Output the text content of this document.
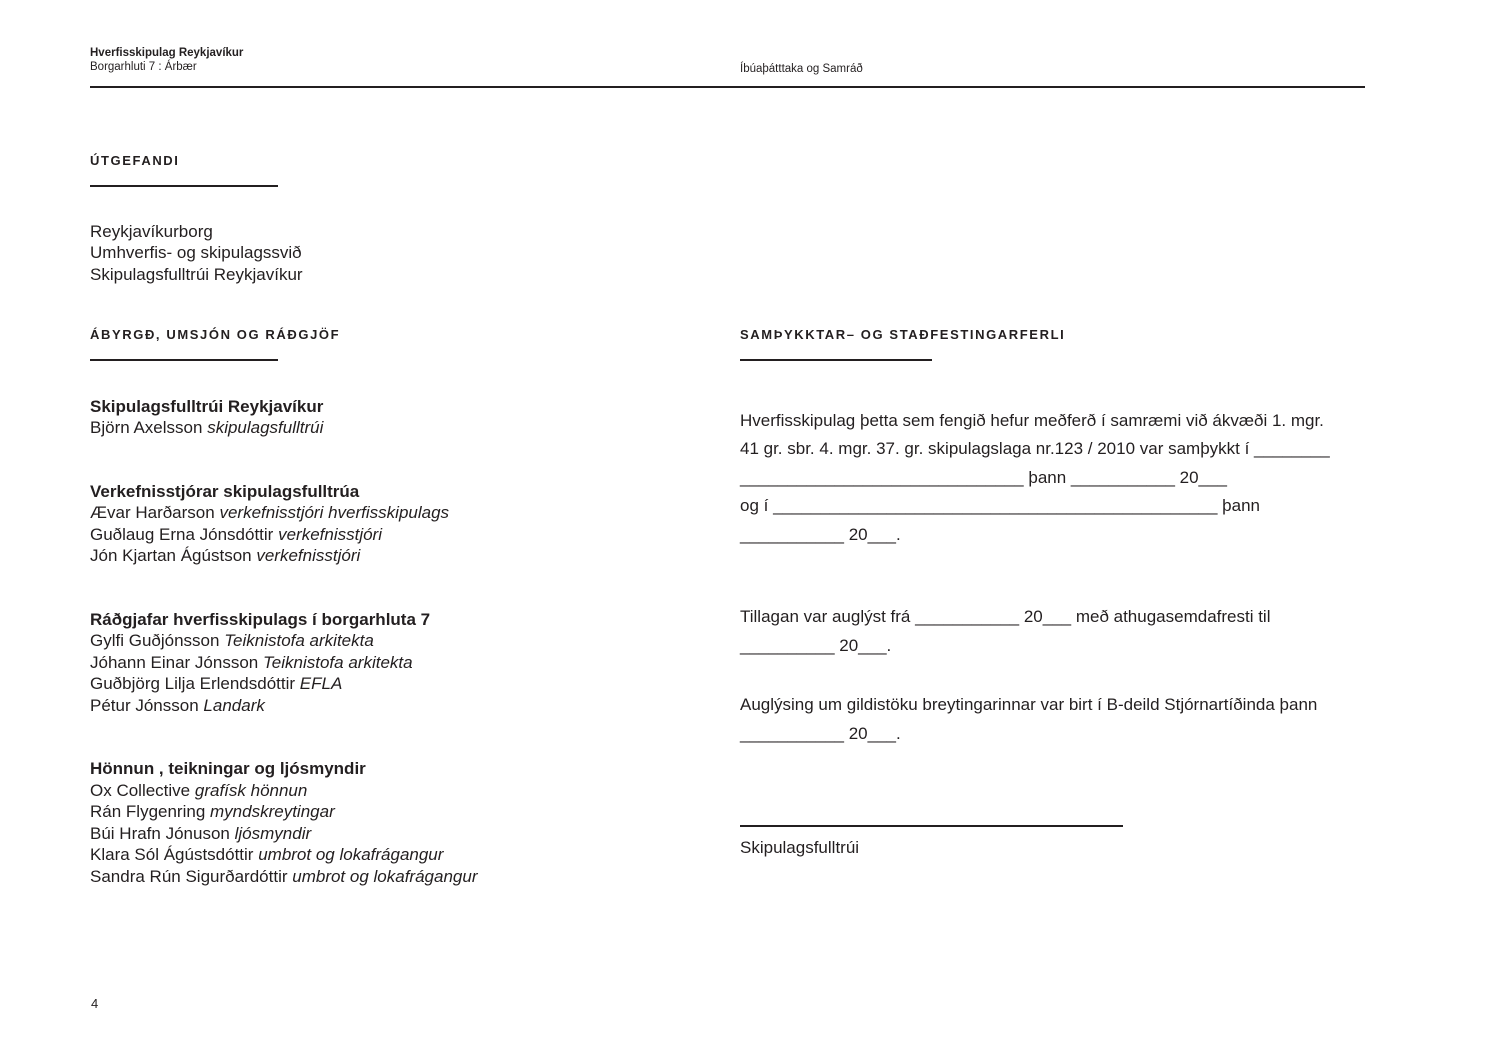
Hverfisskipulag Reykjavíkur
Borgarhluti 7 : Árbær	Íbúaþátttaka og Samráð
ÚTGEFANDI
Reykjavíkurborg
Umhverfis- og skipulagssvið
Skipulagsfulltrúi Reykjavíkur
ÁBYRGÐ, UMSJÓN OG RÁÐGJÖF
Skipulagsfulltrúi Reykjavíkur
Björn Axelsson skipulagsfulltrúi
Verkefnisstjórar skipulagsfulltrúa
Ævar Harðarson verkefnisstjóri hverfisskipulags
Guðlaug Erna Jónsdóttir verkefnisstjóri
Jón Kjartan Ágústson verkefnisstjóri
Ráðgjafar hverfisskipulags í borgarhluta 7
Gylfi Guðjónsson Teiknistofa arkitekta
Jóhann Einar Jónsson Teiknistofa arkitekta
Guðbjörg Lilja Erlendsdóttir EFLA
Pétur Jónsson Landark
Hönnun , teikningar og ljósmyndir
Ox Collective grafísk hönnun
Rán Flygenring myndskreytingar
Búi Hrafn Jónuson ljósmyndir
Klara Sól Ágústsdóttir umbrot og lokafrágangur
Sandra Rún Sigurðardóttir umbrot og lokafrágangur
SAMÞYKKTAR– OG STAÐFESTINGARFERLI
Hverfisskipulag þetta sem fengið hefur meðferð í samræmi við ákvæði 1. mgr.
41 gr. sbr. 4. mgr. 37. gr. skipulagslaga nr.123 / 2010 var samþykkt í ________
______________________________ þann ___________ 20___
og í _______________________________________________ þann
___________ 20___.
Tillagan var auglýst frá ___________ 20___ með athugasemdafresti til
__________ 20___.
Auglýsing um gildistöku breytingarinnar var birt í B-deild Stjórnartíðinda þann
___________ 20___.
Skipulagsfulltrúi
4
